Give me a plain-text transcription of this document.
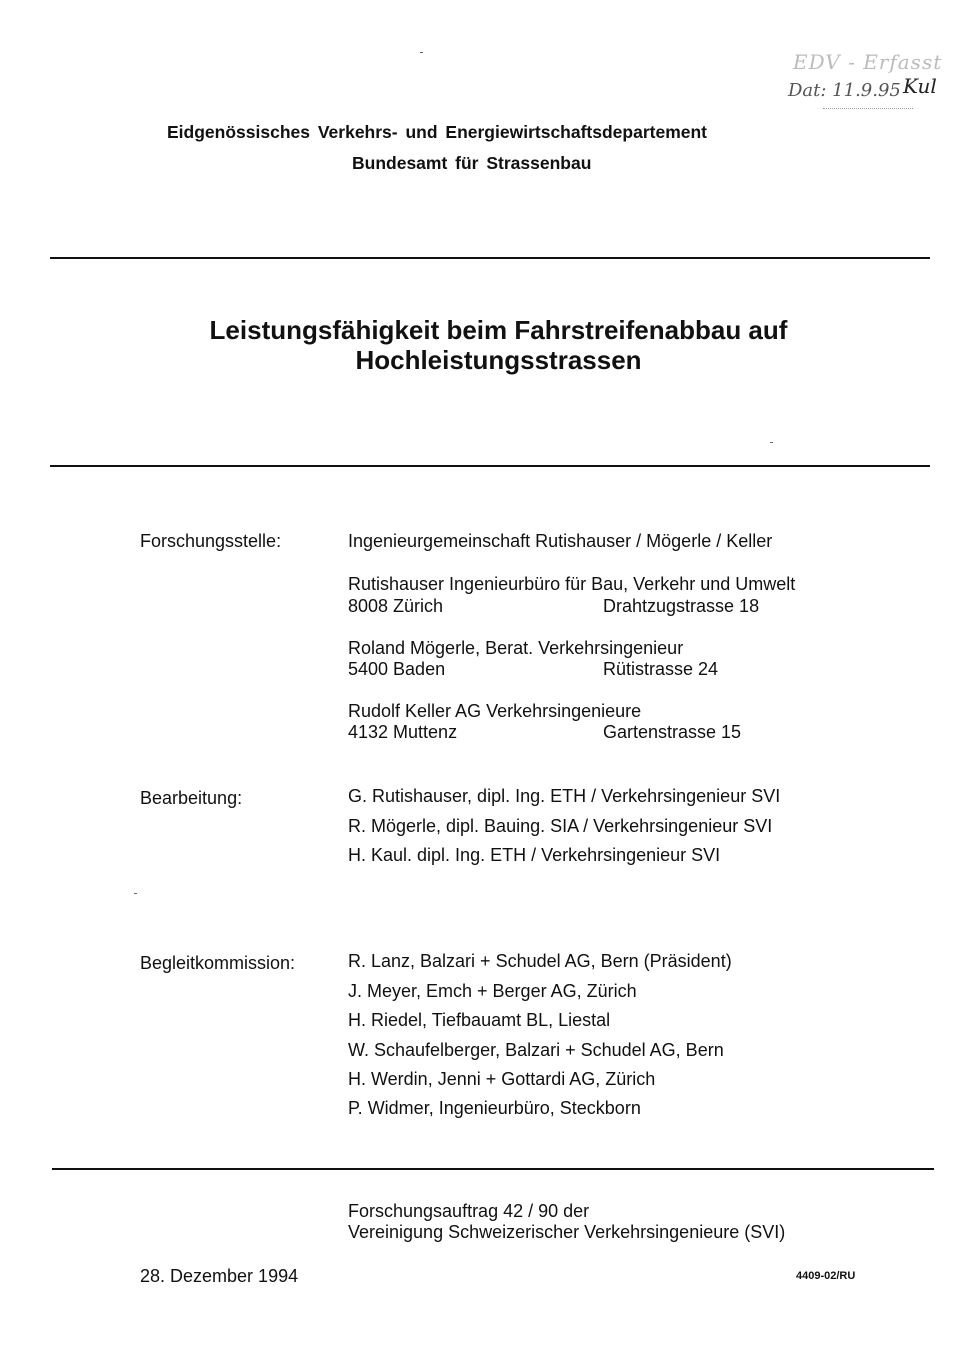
EDV - Erfasst
Dat: 11.9.95 Kul
Eidgenössisches Verkehrs- und Energiewirtschaftsdepartement
Bundesamt für Strassenbau
Leistungsfähigkeit beim Fahrstreifenabbau auf
Hochleistungsstrassen
Forschungsstelle:	Ingenieurgemeinschaft Rutishauser / Mögerle / Keller
Rutishauser Ingenieurbüro für Bau, Verkehr und Umwelt
8008 Zürich	Drahtzugstrasse 18
Roland Mögerle, Berat. Verkehrsingenieur
5400 Baden	Rütistrasse 24
Rudolf Keller AG Verkehrsingenieure
4132 Muttenz	Gartenstrasse 15
Bearbeitung:	G. Rutishauser, dipl. Ing. ETH / Verkehrsingenieur SVI
R. Mögerle, dipl. Bauing. SIA / Verkehrsingenieur SVI
H. Kaul. dipl. Ing. ETH / Verkehrsingenieur SVI
Begleitkommission:	R. Lanz, Balzari + Schudel AG, Bern (Präsident)
J. Meyer, Emch + Berger AG, Zürich
H. Riedel, Tiefbauamt BL, Liestal
W. Schaufelberger, Balzari + Schudel AG, Bern
H. Werdin, Jenni + Gottardi AG, Zürich
P. Widmer, Ingenieurbüro, Steckborn
Forschungsauftrag 42 / 90 der
Vereinigung Schweizerischer Verkehrsingenieure (SVI)
28. Dezember 1994	4409-02/RU
